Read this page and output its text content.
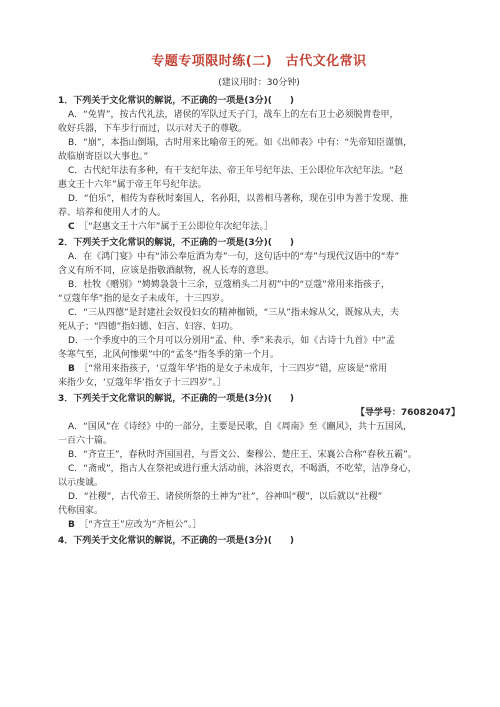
专题专项限时练(二)　古代文化常识
(建议用时：30分钟)

1．下列关于文化常识的解说，不正确的一项是(3分)(　　)

A．“免胄”，按古代礼法，诸侯的军队过天子门，战车上的左右卫士必须脱胄卷甲，

收好兵器，下车步行而过，以示对天子的尊敬。

B．“崩”，本指山倒塌，古时用来比喻帝王的死。如《出师表》中有：“先帝知臣谨慎，

故临崩寄臣以大事也。”

C．古代纪年法有多种，有干支纪年法、帝王年号纪年法、王公即位年次纪年法。“赵

惠文王十六年”属于帝王年号纪年法。

D．“伯乐”，相传为春秋时秦国人，名孙阳，以善相马著称，现在引申为善于发现、推

荐、培养和使用人才的人。

C　 ［“赵惠文王十六年”属于王公即位年次纪年法。］

2．下列关于文化常识的解说，不正确的一项是(3分)(　　)

A．在《鸿门宴》中有“沛公奉卮酒为寿”一句，这句话中的“寿”与现代汉语中的“寿”

含义有所不同，应该是指敬酒献物，祝人长寿的意思。

B．杜牧《赠别》“娉娉袅袅十三余，豆蔻梢头二月初”中的“豆蔻”常用来指孩子，

“豆蔻年华”指的是女子未成年，十三四岁。

C．“三从四德”是封建社会奴役妇女的精神枷锁，“三从”指未嫁从父，既嫁从夫，夫

死从子；“四德”指妇德、妇言、妇容、妇功。

D．一个季度中的三个月可以分别用“孟、仲、季”来表示，如《古诗十九首》中“孟

冬寒气至，北风何惨栗”中的“孟冬”指冬季的第一个月。

B　 ［“常用来指孩子，‘豆蔻年华’指的是女子未成年，十三四岁”错，应该是“常用

来指少女，‘豆蔻年华’指女子十三四岁”。］

3．下列关于文化常识的解说，不正确的一项是(3分)(　　)

【导学号：76082047】

A．“国风”在《诗经》中的一部分，主要是民歌，自《周南》至《豳风》，共十五国风，

一百六十篇。

B．“齐宣王”，春秋时齐国国君，与晋文公、秦穆公、楚庄王、宋襄公合称“春秋五霸”。

C．“斋戒”，指古人在祭祀或进行重大活动前，沐浴更衣，不喝酒，不吃荤，洁净身心，

以示虔诚。

D．“社稷”，古代帝王、诸侯所祭的土神为“社”，谷神叫“稷”，以后就以“社稷”

代称国家。

B　 ［“齐宣王”应改为“齐桓公”。］

4．下列关于文化常识的解说，不正确的一项是(3分)(　　)
